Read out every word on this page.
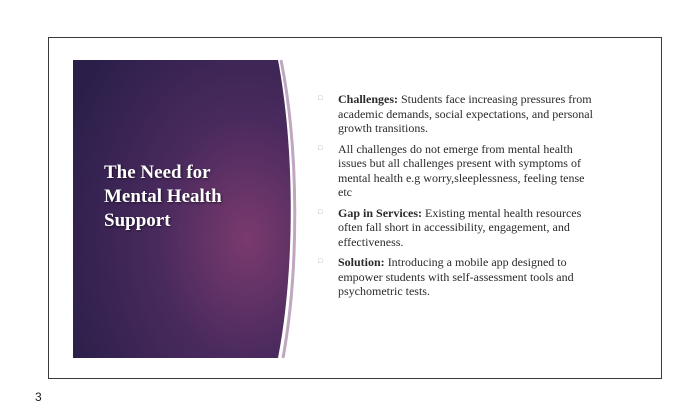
The Need for
Mental Health
Support
□ Challenges: Students face increasing pressures from academic demands, social expectations, and personal growth transitions.
□ All challenges do not emerge from mental health issues but all challenges present with symptoms of mental health e.g worry,sleeplessness, feeling tense etc
□ Gap in Services: Existing mental health resources often fall short in accessibility, engagement, and effectiveness.
□ Solution: Introducing a mobile app designed to empower students with self-assessment tools and psychometric tests.
3
